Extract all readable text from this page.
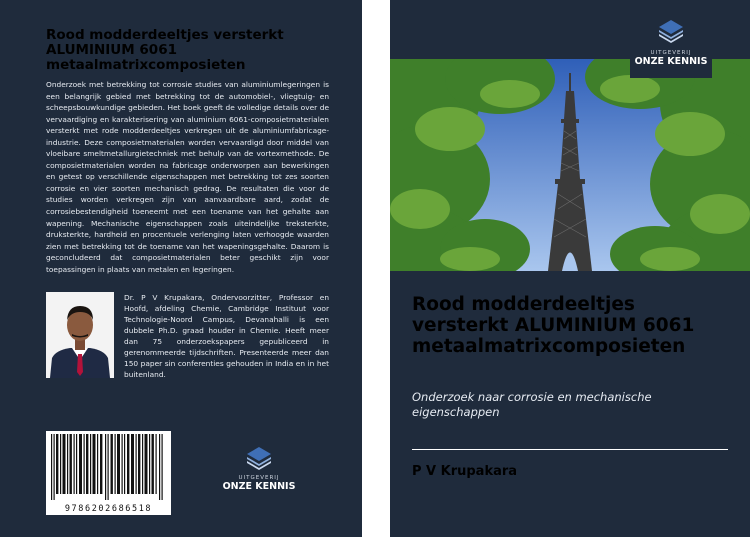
Rood modderdeeltjes versterkt ALUMINIUM 6061 metaalmatrixcomposieten
Onderzoek met betrekking tot corrosie studies van aluminiumlegeringen is een belangrijk gebied met betrekking tot de automobiel-, vliegtuig- en scheepsbouwkundige gebieden. Het boek geeft de volledige details over de vervaardiging en karakterisering van aluminium 6061-composietmaterialen versterkt met rode modderdeeltjes verkregen uit de aluminiumfabricage-industrie. Deze composietmaterialen worden vervaardigd door middel van vloeibare smeltmetallurgietechniek met behulp van de vortexmethode. De composietmaterialen worden na fabricage onderworpen aan bewerkingen en getest op verschillende eigenschappen met betrekking tot zes soorten corrosie en vier soorten mechanisch gedrag. De resultaten die voor de studies worden verkregen zijn van aanvaardbare aard, zodat de corrosiebestendigheid toeneemt met een toename van het gehalte aan wapening. Mechanische eigenschappen zoals uiteindelijke treksterkte, druksterkte, hardheid en procentuele verlenging laten verhoogde waarden zien met betrekking tot de toename van het wapeningsgehalte. Daarom is geconcludeerd dat composietmaterialen beter geschikt zijn voor toepassingen in plaats van metalen en legeringen.
Dr. P V Krupakara, Ondervoorzitter, Professor en Hoofd, afdeling Chemie, Cambridge Instituut voor Technologie-Noord Campus, Devanahalli is een dubbele Ph.D. graad houder in Chemie. Heeft meer dan 75 onderzoekspapers gepubliceerd in gerenommeerde tijdschriften. Presenteerde meer dan 150 paper sin conferenties gehouden in India en in het buitenland.
9786202686518
UITGEVERIJ
ONZE KENNIS
UITGEVERIJ
ONZE KENNIS
Rood modderdeeltjes versterkt ALUMINIUM 6061 metaalmatrixcomposieten
Onderzoek naar corrosie en mechanische eigenschappen
P V Krupakara
